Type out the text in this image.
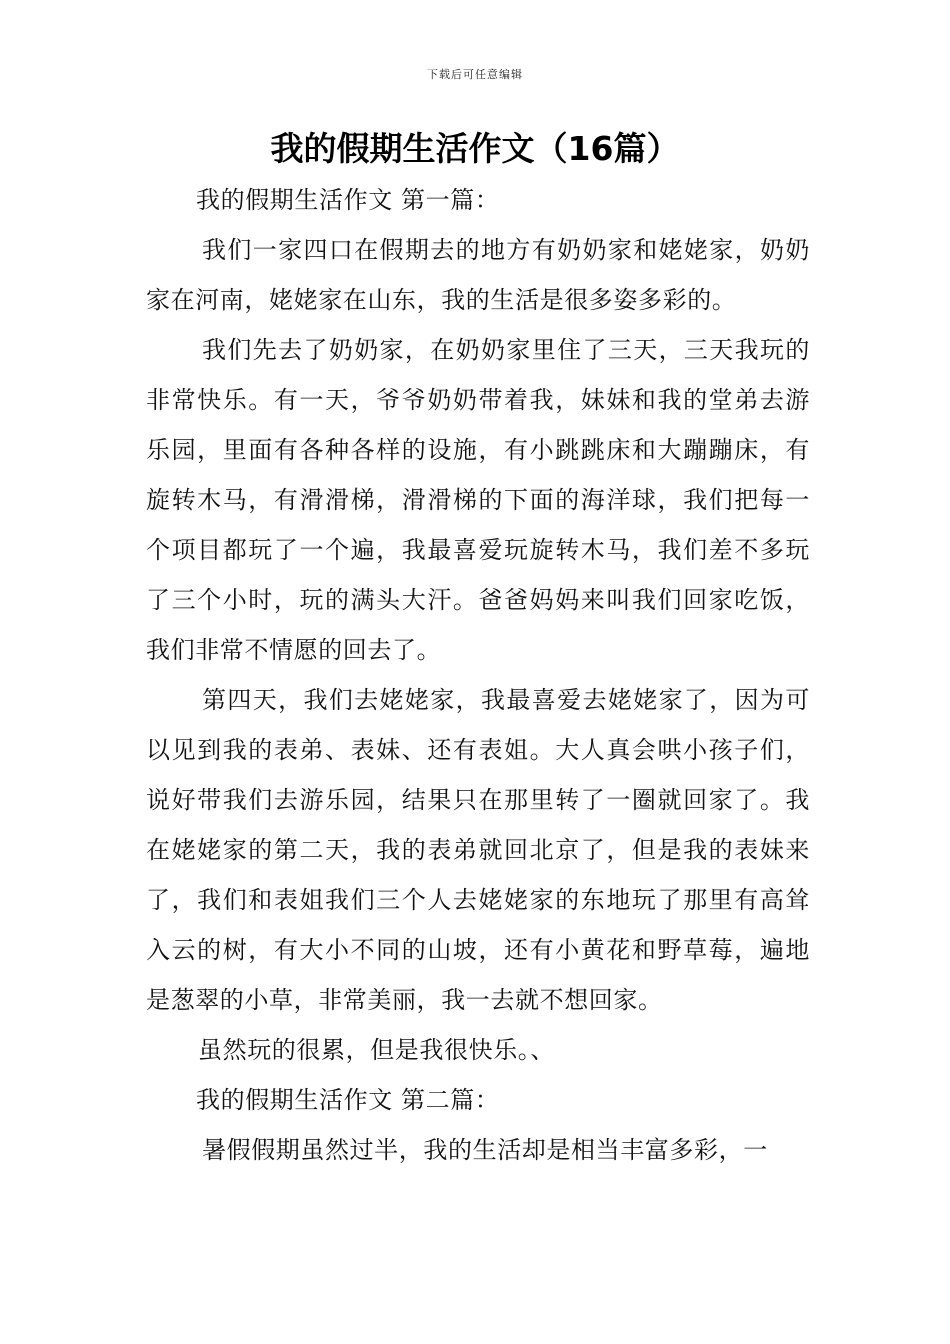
下载后可任意编辑
我的假期生活作文（16篇）

我的假期生活作文 第一篇：

我们一家四口在假期去的地方有奶奶家和姥姥家，奶奶家在河南，姥姥家在山东，我的生活是很多姿多彩的。

我们先去了奶奶家，在奶奶家里住了三天，三天我玩的非常快乐。有一天，爷爷奶奶带着我，妹妹和我的堂弟去游乐园，里面有各种各样的设施，有小跳跳床和大蹦蹦床，有旋转木马，有滑滑梯，滑滑梯的下面的海洋球，我们把每一个项目都玩了一个遍，我最喜爱玩旋转木马，我们差不多玩了三个小时，玩的满头大汗。爸爸妈妈来叫我们回家吃饭，我们非常不情愿的回去了。

第四天，我们去姥姥家，我最喜爱去姥姥家了，因为可以见到我的表弟、表妹、还有表姐。大人真会哄小孩子们，说好带我们去游乐园，结果只在那里转了一圈就回家了。我在姥姥家的第二天，我的表弟就回北京了，但是我的表妹来了，我们和表姐我们三个人去姥姥家的东地玩了那里有高耸入云的树，有大小不同的山坡，还有小黄花和野草莓，遍地是葱翠的小草，非常美丽，我一去就不想回家。

虽然玩的很累，但是我很快乐。、

我的假期生活作文 第二篇：

暑假假期虽然过半，我的生活却是相当丰富多彩，一
